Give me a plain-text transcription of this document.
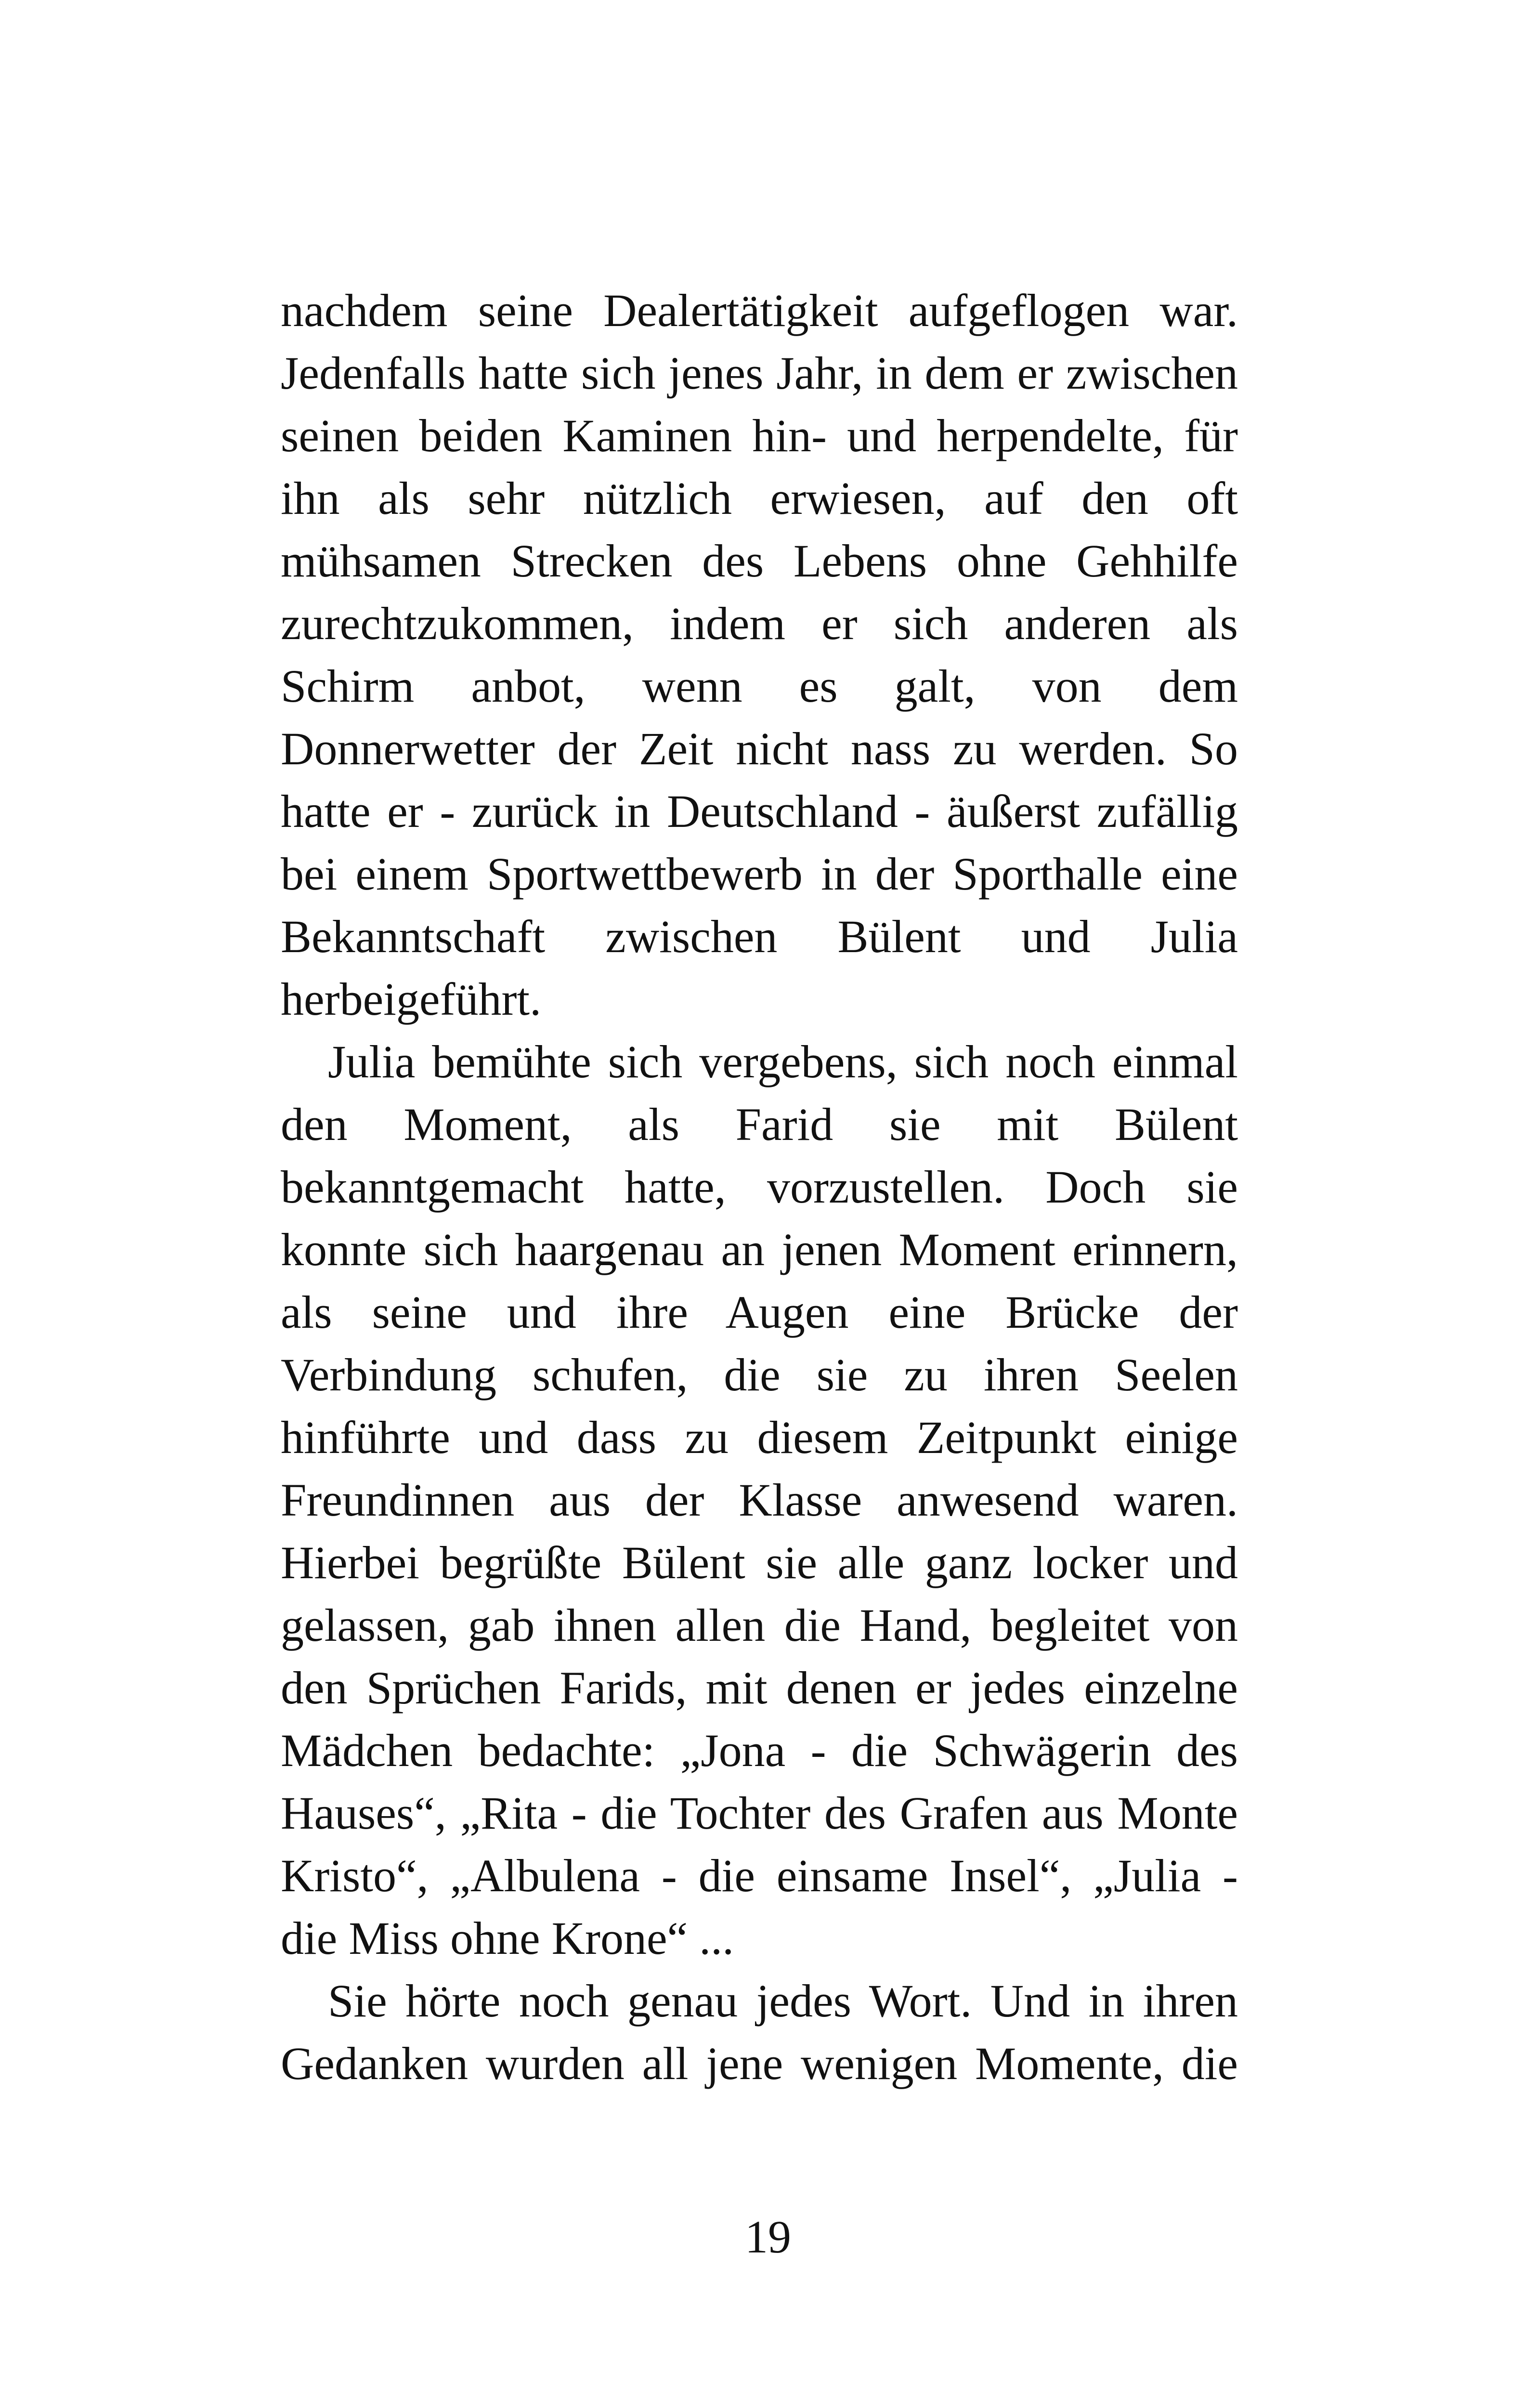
nachdem seine Dealertätigkeit aufgeflogen war.
Jedenfalls hatte sich jenes Jahr, in dem er zwischen
seinen beiden Kaminen hin- und herpendelte, für
ihn als sehr nützlich erwiesen, auf den oft
mühsamen Strecken des Lebens ohne Gehhilfe
zurechtzukommen, indem er sich anderen als
Schirm anbot, wenn es galt, von dem
Donnerwetter der Zeit nicht nass zu werden. So
hatte er - zurück in Deutschland - äußerst zufällig
bei einem Sportwettbewerb in der Sporthalle eine
Bekanntschaft zwischen Bülent und Julia
herbeigeführt.
Julia bemühte sich vergebens, sich noch einmal
den Moment, als Farid sie mit Bülent
bekanntgemacht hatte, vorzustellen. Doch sie
konnte sich haargenau an jenen Moment erinnern,
als seine und ihre Augen eine Brücke der
Verbindung schufen, die sie zu ihren Seelen
hinführte und dass zu diesem Zeitpunkt einige
Freundinnen aus der Klasse anwesend waren.
Hierbei begrüßte Bülent sie alle ganz locker und
gelassen, gab ihnen allen die Hand, begleitet von
den Sprüchen Farids, mit denen er jedes einzelne
Mädchen bedachte: „Jona - die Schwägerin des
Hauses“, „Rita - die Tochter des Grafen aus Monte
Kristo“, „Albulena - die einsame Insel“, „Julia -
die Miss ohne Krone“ ...
Sie hörte noch genau jedes Wort. Und in ihren
Gedanken wurden all jene wenigen Momente, die
19
